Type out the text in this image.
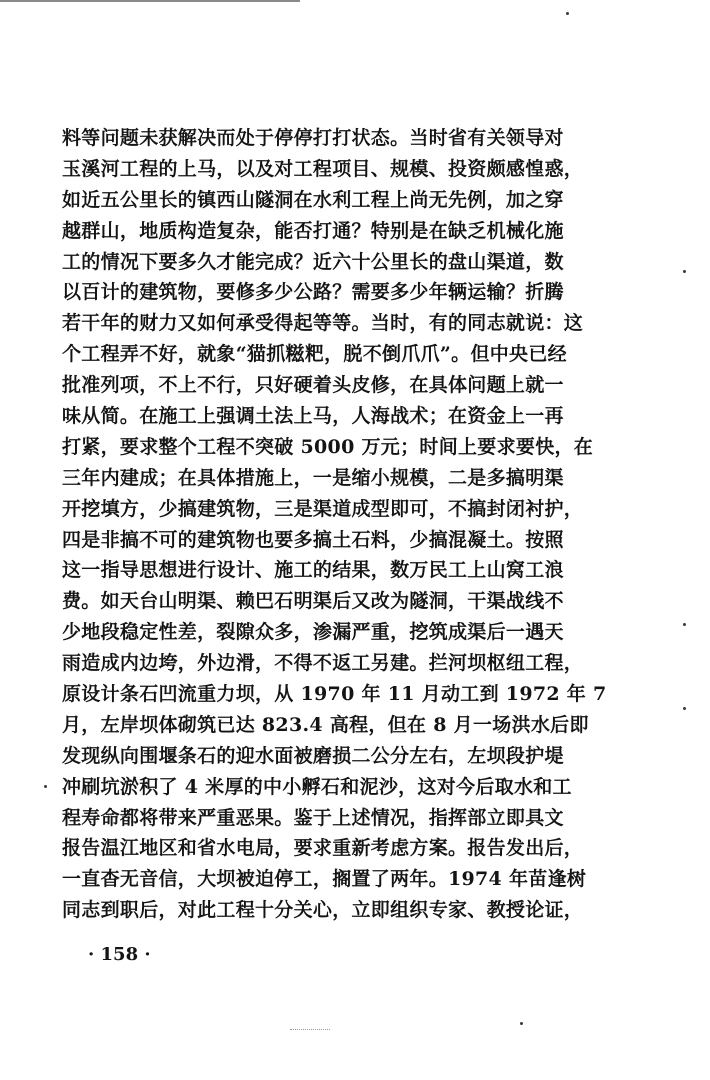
料等问题未获解决而处于停停打打状态。当时省有关领导对
玉溪河工程的上马，以及对工程项目、规模、投资颇感惶惑，
如近五公里长的镇西山隧洞在水利工程上尚无先例，加之穿
越群山，地质构造复杂，能否打通？特别是在缺乏机械化施
工的情况下要多久才能完成？近六十公里长的盘山渠道，数
以百计的建筑物，要修多少公路？需要多少年辆运输？折腾
若干年的财力又如何承受得起等等。当时，有的同志就说：这
个工程弄不好，就象“猫抓糍粑，脱不倒爪爪”。但中央已经
批准列项，不上不行，只好硬着头皮修，在具体问题上就一
味从简。在施工上强调土法上马，人海战术；在资金上一再
打紧，要求整个工程不突破 5000 万元；时间上要求要快，在
三年内建成；在具体措施上，一是缩小规模，二是多搞明渠
开挖填方，少搞建筑物，三是渠道成型即可，不搞封闭衬护，
四是非搞不可的建筑物也要多搞土石料，少搞混凝土。按照
这一指导思想进行设计、施工的结果，数万民工上山窝工浪
费。如天台山明渠、赖巴石明渠后又改为隧洞，干渠战线不
少地段稳定性差，裂隙众多，渗漏严重，挖筑成渠后一遇天
雨造成内边垮，外边滑，不得不返工另建。拦河坝枢纽工程，
原设计条石凹流重力坝，从 1970 年 11 月动工到 1972 年 7
月，左岸坝体砌筑已达 823.4 高程，但在 8 月一场洪水后即
发现纵向围堰条石的迎水面被磨损二公分左右，左坝段护堤
冲刷坑淤积了 4 米厚的中小孵石和泥沙，这对今后取水和工
程寿命都将带来严重恶果。鉴于上述情况，指挥部立即具文
报告温江地区和省水电局，要求重新考虑方案。报告发出后，
一直杳无音信，大坝被迫停工，搁置了两年。1974 年苗逢树
同志到职后，对此工程十分关心，立即组织专家、教授论证，
· 158 ·
